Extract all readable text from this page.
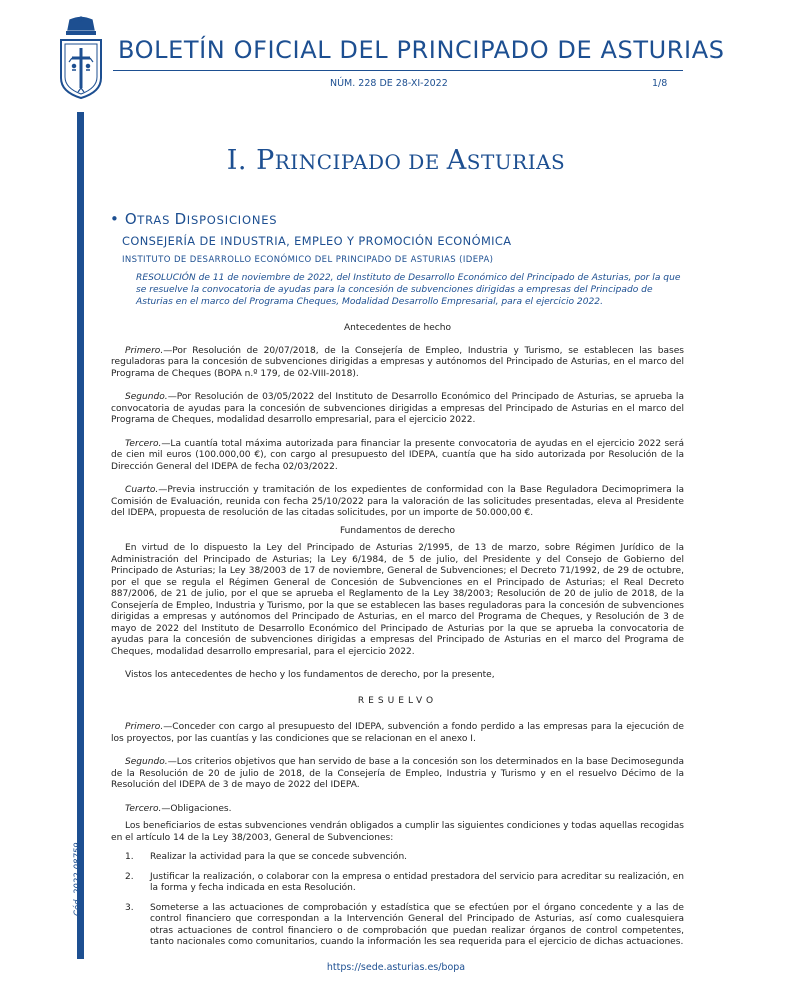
BOLETÍN OFICIAL DEL PRINCIPADO DE ASTURIAS
NÚM. 228 DE 28-XI-2022	1/8
Cód. 2022-08759
I. PRINCIPADO DE ASTURIAS
• OTRAS DISPOSICIONES
CONSEJERÍA DE INDUSTRIA, EMPLEO Y PROMOCIÓN ECONÓMICA
INSTITUTO DE DESARROLLO ECONÓMICO DEL PRINCIPADO DE ASTURIAS (IDEPA)
RESOLUCIÓN de 11 de noviembre de 2022, del Instituto de Desarrollo Económico del Principado de Asturias, por la que se resuelve la convocatoria de ayudas para la concesión de subvenciones dirigidas a empresas del Principado de Asturias en el marco del Programa Cheques, Modalidad Desarrollo Empresarial, para el ejercicio 2022.

Antecedentes de hecho

Primero.—Por Resolución de 20/07/2018, de la Consejería de Empleo, Industria y Turismo, se establecen las bases reguladoras para la concesión de subvenciones dirigidas a empresas y autónomos del Principado de Asturias, en el marco del Programa de Cheques (BOPA n.º 179, de 02-VIII-2018).

Segundo.—Por Resolución de 03/05/2022 del Instituto de Desarrollo Económico del Principado de Asturias, se aprueba la convocatoria de ayudas para la concesión de subvenciones dirigidas a empresas del Principado de Asturias en el marco del Programa de Cheques, modalidad desarrollo empresarial, para el ejercicio 2022.

Tercero.—La cuantía total máxima autorizada para financiar la presente convocatoria de ayudas en el ejercicio 2022 será de cien mil euros (100.000,00 €), con cargo al presupuesto del IDEPA, cuantía que ha sido autorizada por Resolución de la Dirección General del IDEPA de fecha 02/03/2022.

Cuarto.—Previa instrucción y tramitación de los expedientes de conformidad con la Base Reguladora Decimoprimera la Comisión de Evaluación, reunida con fecha 25/10/2022 para la valoración de las solicitudes presentadas, eleva al Presidente del IDEPA, propuesta de resolución de las citadas solicitudes, por un importe de 50.000,00 €.

Fundamentos de derecho

En virtud de lo dispuesto la Ley del Principado de Asturias 2/1995, de 13 de marzo, sobre Régimen Jurídico de la Administración del Principado de Asturias; la Ley 6/1984, de 5 de julio, del Presidente y del Consejo de Gobierno del Principado de Asturias; la Ley 38/2003 de 17 de noviembre, General de Subvenciones; el Decreto 71/1992, de 29 de octubre, por el que se regula el Régimen General de Concesión de Subvenciones en el Principado de Asturias; el Real Decreto 887/2006, de 21 de julio, por el que se aprueba el Reglamento de la Ley 38/2003; Resolución de 20 de julio de 2018, de la Consejería de Empleo, Industria y Turismo, por la que se establecen las bases reguladoras para la concesión de subvenciones dirigidas a empresas y autónomos del Principado de Asturias, en el marco del Programa de Cheques, y Resolución de 3 de mayo de 2022 del Instituto de Desarrollo Económico del Principado de Asturias por la que se aprueba la convocatoria de ayudas para la concesión de subvenciones dirigidas a empresas del Principado de Asturias en el marco del Programa de Cheques, modalidad desarrollo empresarial, para el ejercicio 2022.

Vistos los antecedentes de hecho y los fundamentos de derecho, por la presente,

RESUELVO

Primero.—Conceder con cargo al presupuesto del IDEPA, subvención a fondo perdido a las empresas para la ejecución de los proyectos, por las cuantías y las condiciones que se relacionan en el anexo I.

Segundo.—Los criterios objetivos que han servido de base a la concesión son los determinados en la base Decimosegunda de la Resolución de 20 de julio de 2018, de la Consejería de Empleo, Industria y Turismo y en el resuelvo Décimo de la Resolución del IDEPA de 3 de mayo de 2022 del IDEPA.

Tercero.—Obligaciones.

Los beneficiarios de estas subvenciones vendrán obligados a cumplir las siguientes condiciones y todas aquellas recogidas en el artículo 14 de la Ley 38/2003, General de Subvenciones:

1. Realizar la actividad para la que se concede subvención.
2. Justificar la realización, o colaborar con la empresa o entidad prestadora del servicio para acreditar su realización, en la forma y fecha indicada en esta Resolución.
3. Someterse a las actuaciones de comprobación y estadística que se efectúen por el órgano concedente y a las de control financiero que correspondan a la Intervención General del Principado de Asturias, así como cualesquiera otras actuaciones de control financiero o de comprobación que puedan realizar órganos de control competentes, tanto nacionales como comunitarios, cuando la información les sea requerida para el ejercicio de dichas actuaciones.
https://sede.asturias.es/bopa
